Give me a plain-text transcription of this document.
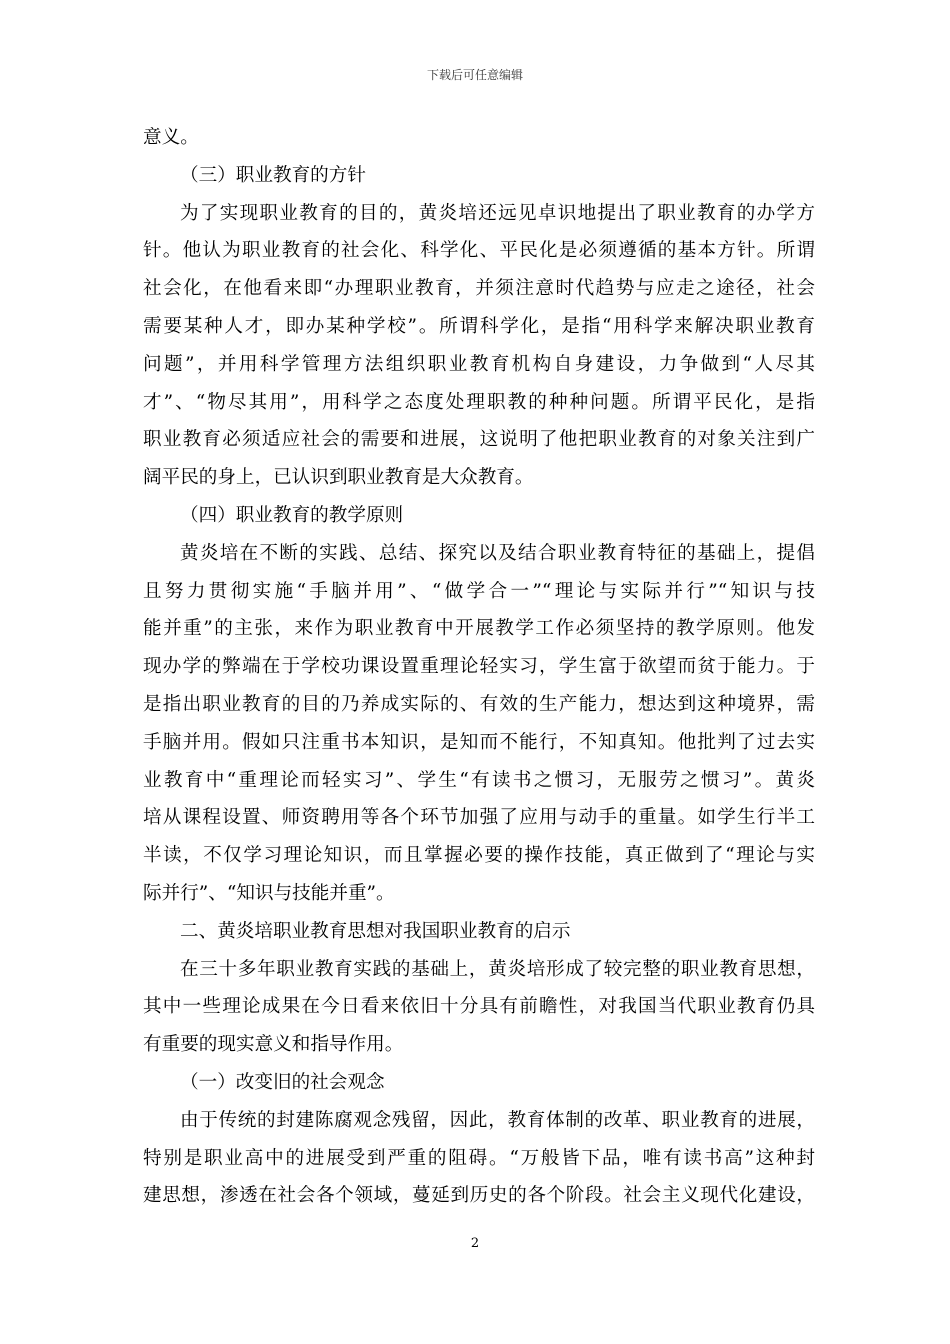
下载后可任意编辑
意义。
（三）职业教育的方针
为了实现职业教育的目的，黄炎培还远见卓识地提出了职业教育的办学方
针。他认为职业教育的社会化、科学化、平民化是必须遵循的基本方针。所谓
社会化，在他看来即“办理职业教育，并须注意时代趋势与应走之途径，社会
需要某种人才，即办某种学校”。所谓科学化，是指“用科学来解决职业教育
问题”，并用科学管理方法组织职业教育机构自身建设，力争做到“人尽其
才”、“物尽其用”，用科学之态度处理职教的种种问题。所谓平民化，是指
职业教育必须适应社会的需要和进展，这说明了他把职业教育的对象关注到广
阔平民的身上，已认识到职业教育是大众教育。
（四）职业教育的教学原则
黄炎培在不断的实践、总结、探究以及结合职业教育特征的基础上，提倡
且努力贯彻实施“手脑并用”、“做学合一”“理论与实际并行”“知识与技
能并重”的主张，来作为职业教育中开展教学工作必须坚持的教学原则。他发
现办学的弊端在于学校功课设置重理论轻实习，学生富于欲望而贫于能力。于
是指出职业教育的目的乃养成实际的、有效的生产能力，想达到这种境界，需
手脑并用。假如只注重书本知识，是知而不能行，不知真知。他批判了过去实
业教育中“重理论而轻实习”、学生“有读书之惯习，无服劳之惯习”。黄炎
培从课程设置、师资聘用等各个环节加强了应用与动手的重量。如学生行半工
半读，不仅学习理论知识，而且掌握必要的操作技能，真正做到了“理论与实
际并行”、“知识与技能并重”。
二、黄炎培职业教育思想对我国职业教育的启示
在三十多年职业教育实践的基础上，黄炎培形成了较完整的职业教育思想，
其中一些理论成果在今日看来依旧十分具有前瞻性，对我国当代职业教育仍具
有重要的现实意义和指导作用。
（一）改变旧的社会观念
由于传统的封建陈腐观念残留，因此，教育体制的改革、职业教育的进展，
特别是职业高中的进展受到严重的阻碍。“万般皆下品，唯有读书高”这种封
建思想，渗透在社会各个领域，蔓延到历史的各个阶段。社会主义现代化建设，
2
